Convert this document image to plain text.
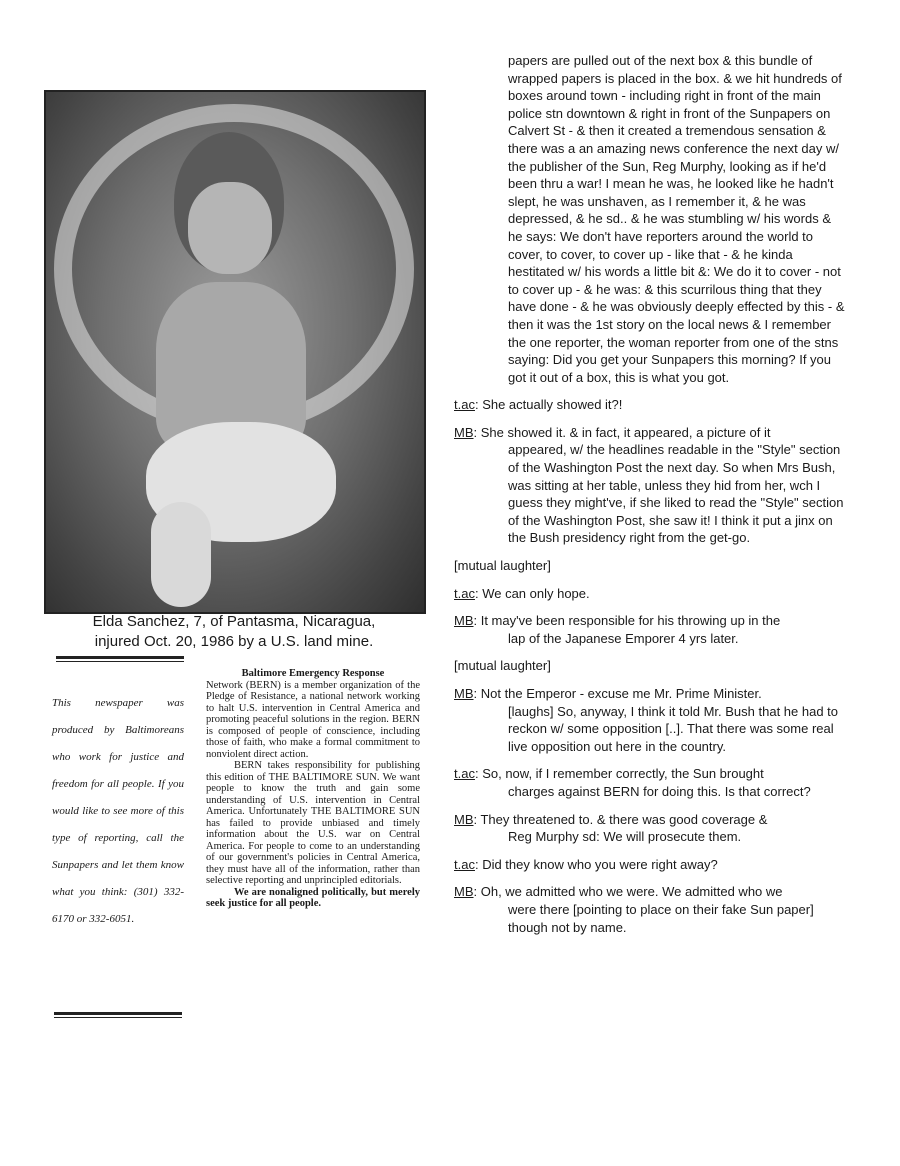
Elda Sanchez, 7, of Pantasma, Nicaragua,
injured Oct. 20, 1986 by a U.S. land mine.
This newspaper was produced by Baltimoreans who work for justice and freedom for all people. If you would like to see more of this type of reporting, call the Sunpapers and let them know what you think: (301) 332-6170 or 332-6051.

Baltimore Emergency Response

Network (BERN) is a member organization of the Pledge of Resistance, a national network working to halt U.S. intervention in Central America and promoting peaceful solutions in the region. BERN is composed of people of conscience, including those of faith, who make a formal commitment to nonviolent direct action.

BERN takes responsibility for publishing this edition of THE BALTIMORE SUN. We want people to know the truth and gain some understanding of U.S. intervention in Central America. Unfortunately THE BALTIMORE SUN has failed to provide unbiased and timely information about the U.S. war on Central America. For people to come to an understanding of our government's policies in Central America, they must have all of the information, rather than selective reporting and unprincipled editorials.

We are nonaligned politically, but merely seek justice for all people.

papers are pulled out of the next box & this bundle of wrapped papers is placed in the box. & we hit hundreds of boxes around town - including right in front of the main police stn downtown & right in front of the Sunpapers on Calvert St - & then it created a tremendous sensation & there was a an amazing news conference the next day w/ the publisher of the Sun, Reg Murphy, looking as if he'd been thru a war! I mean he was, he looked like he hadn't slept, he was unshaven, as I remember it, & he was depressed, & he sd.. & he was stumbling w/ his words & he says: We don't have reporters around the world to cover, to cover, to cover up - like that - & he kinda hestitated w/ his words a little bit &: We do it to cover - not to cover up - & he was: & this scurrilous thing that they have done - & he was obviously deeply effected by this - & then it was the 1st story on the local news & I remember the one reporter, the woman reporter from one of the stns saying: Did you get your Sunpapers this morning? If you got it out of a box, this is what you got.

t.ac: She actually showed it?!
MB: She showed it. & in fact, it appeared, a picture of it
appeared, w/ the headlines readable in the "Style" section of the Washington Post the next day. So when Mrs Bush, was sitting at her table, unless they hid from her, wch I guess they might've, if she liked to read the "Style" section of the Washington Post, she saw it! I think it put a jinx on the Bush presidency right from the get-go.
[mutual laughter]
t.ac: We can only hope.
MB: It may've been responsible for his throwing up in the
lap of the Japanese Emporer 4 yrs later.
[mutual laughter]
MB: Not the Emperor - excuse me Mr. Prime Minister.
[laughs] So, anyway, I think it told Mr. Bush that he had to reckon w/ some opposition [..]. That there was some real live opposition out here in the country.
t.ac: So, now, if I remember correctly, the Sun brought
charges against BERN for doing this. Is that correct?
MB: They threatened to. & there was good coverage &
Reg Murphy sd: We will prosecute them.
t.ac: Did they know who you were right away?
MB: Oh, we admitted who we were. We admitted who we
were there [pointing to place on their fake Sun paper] though not by name.
